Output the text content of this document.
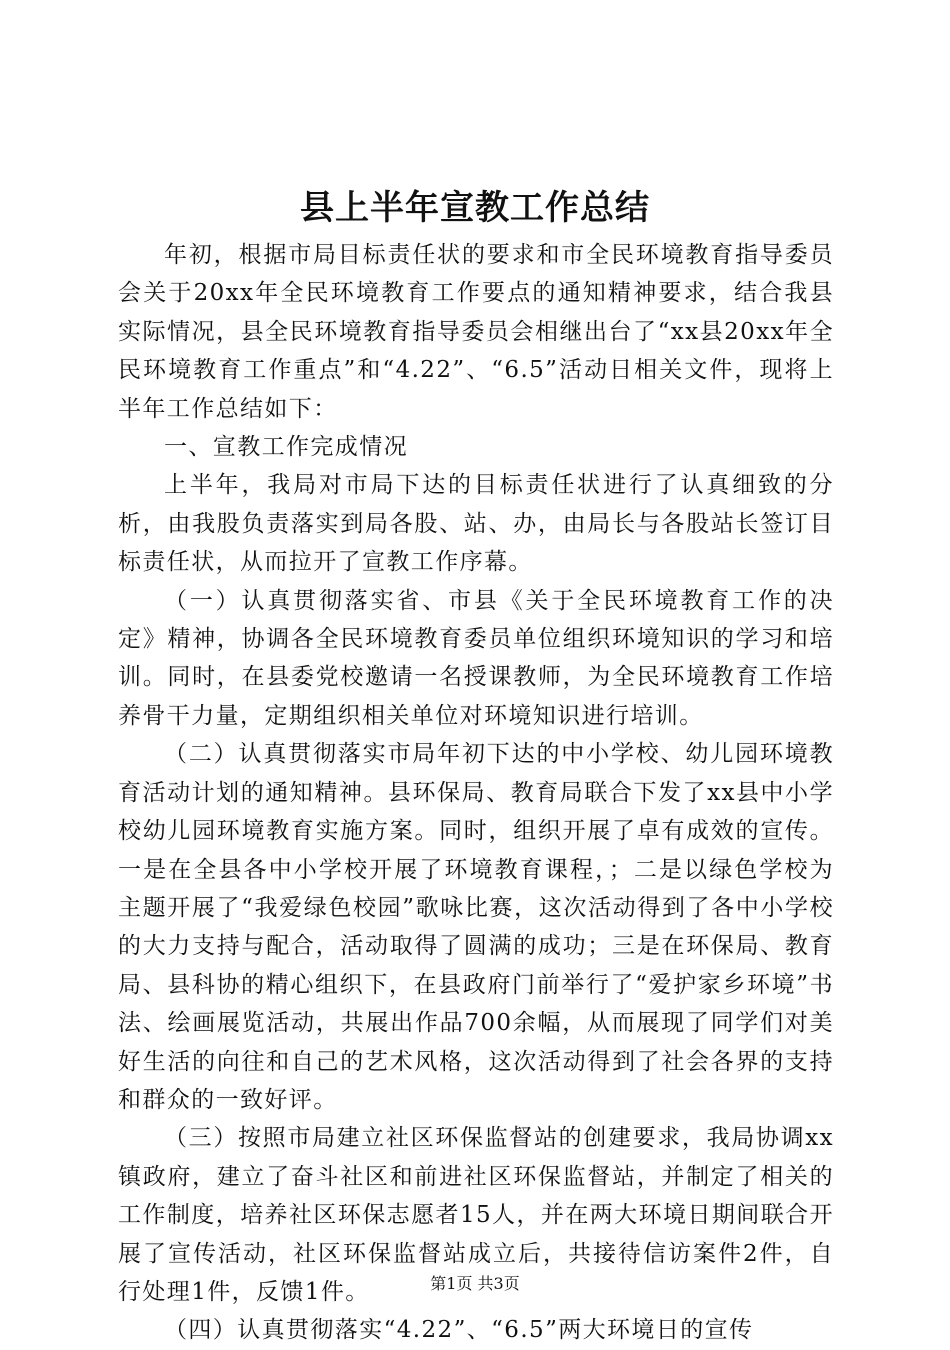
县上半年宣教工作总结

年初，根据市局目标责任状的要求和市全民环境教育指导委员会关于20xx年全民环境教育工作要点的通知精神要求，结合我县实际情况，县全民环境教育指导委员会相继出台了“xx县20xx年全民环境教育工作重点”和“4.22”、“6.5”活动日相关文件，现将上半年工作总结如下：

一、宣教工作完成情况

上半年，我局对市局下达的目标责任状进行了认真细致的分析，由我股负责落实到局各股、站、办，由局长与各股站长签订目标责任状，从而拉开了宣教工作序幕。

（一）认真贯彻落实省、市县《关于全民环境教育工作的决定》精神，协调各全民环境教育委员单位组织环境知识的学习和培训。同时，在县委党校邀请一名授课教师，为全民环境教育工作培养骨干力量，定期组织相关单位对环境知识进行培训。

（二）认真贯彻落实市局年初下达的中小学校、幼儿园环境教育活动计划的通知精神。县环保局、教育局联合下发了xx县中小学校幼儿园环境教育实施方案。同时，组织开展了卓有成效的宣传。一是在全县各中小学校开展了环境教育课程，；二是以绿色学校为主题开展了“我爱绿色校园”歌咏比赛，这次活动得到了各中小学校的大力支持与配合，活动取得了圆满的成功；三是在环保局、教育局、县科协的精心组织下，在县政府门前举行了“爱护家乡环境”书法、绘画展览活动，共展出作品700余幅，从而展现了同学们对美好生活的向往和自己的艺术风格，这次活动得到了社会各界的支持和群众的一致好评。

（三）按照市局建立社区环保监督站的创建要求，我局协调xx镇政府，建立了奋斗社区和前进社区环保监督站，并制定了相关的工作制度，培养社区环保志愿者15人，并在两大环境日期间联合开展了宣传活动，社区环保监督站成立后，共接待信访案件2件，自行处理1件，反馈1件。

（四）认真贯彻落实“4.22”、“6.5”两大环境日的宣传

第1页 共3页
